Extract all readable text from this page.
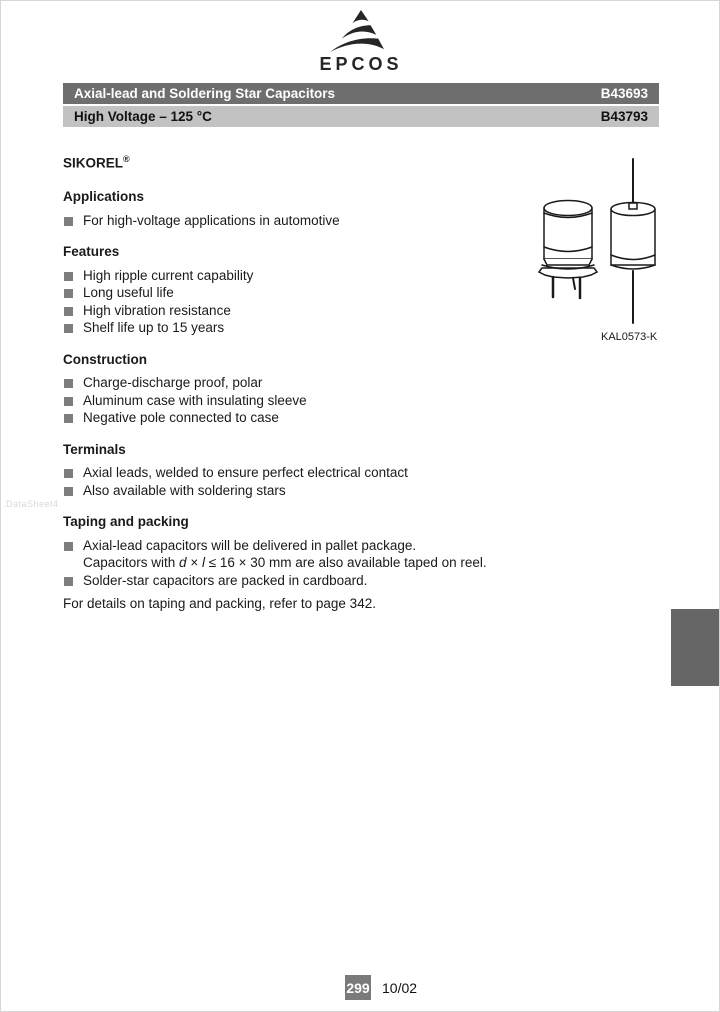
EPCOS
Axial-lead and Soldering Star Capacitors	B43693
High Voltage – 125 °C	B43793
.DataSheet4
SIKOREL®
Applications
For high-voltage applications in automotive
Features
High ripple current capability
Long useful life
High vibration resistance
Shelf life up to 15 years
Construction
Charge-discharge proof, polar
Aluminum case with insulating sleeve
Negative pole connected to case
Terminals
Axial leads, welded to ensure perfect electrical contact
Also available with soldering stars
Taping and packing
Axial-lead capacitors will be delivered in pallet package.
Capacitors with d × l ≤ 16 × 30 mm are also available taped on reel.
Solder-star capacitors are packed in cardboard.
For details on taping and packing, refer to page 342.
KAL0573-K
299 10/02
